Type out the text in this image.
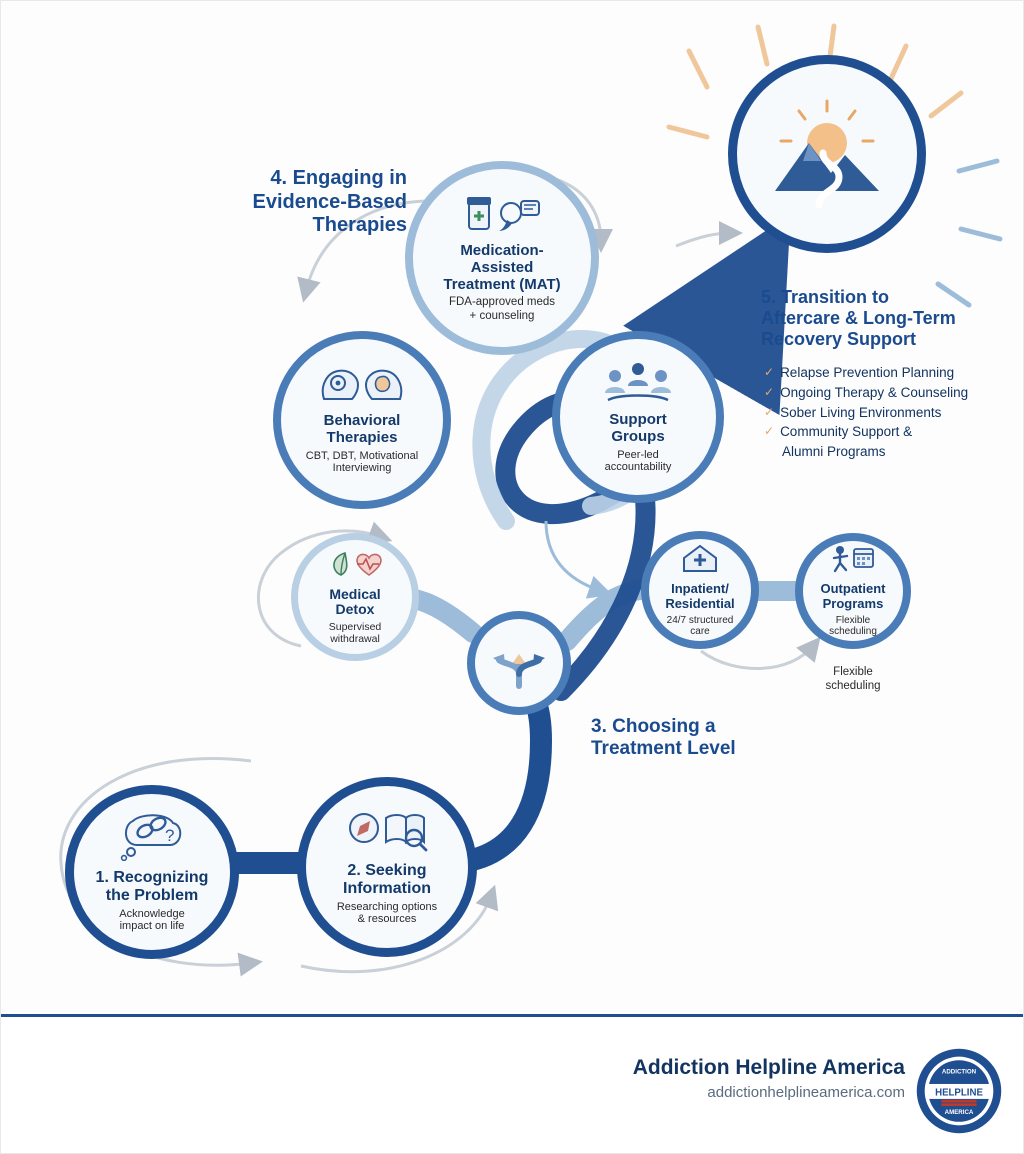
Medication-
Assisted
Treatment (MAT)
FDA-approved meds
+ counseling
Behavioral
Therapies
CBT, DBT, Motivational
Interviewing
Support
Groups
Peer-led
accountability
Medical
Detox
Supervised
withdrawal
Inpatient/
Residential
24/7 structured
care
Outpatient
Programs
Flexible
scheduling
Flexible
scheduling
?
1. Recognizing
the Problem
Acknowledge
impact on life
2. Seeking
Information
Researching options
& resources
4. Engaging in
Evidence-Based
Therapies
3. Choosing a
Treatment Level
5. Transition to
Aftercare & Long-Term
Recovery Support
✓ Relapse Prevention Planning
✓ Ongoing Therapy & Counseling
✓ Sober Living Environments
✓ Community Support &
Alumni Programs
Addiction Helpline America
addictionhelplineamerica.com	HELPLINE
ADDICTION
AMERICA
